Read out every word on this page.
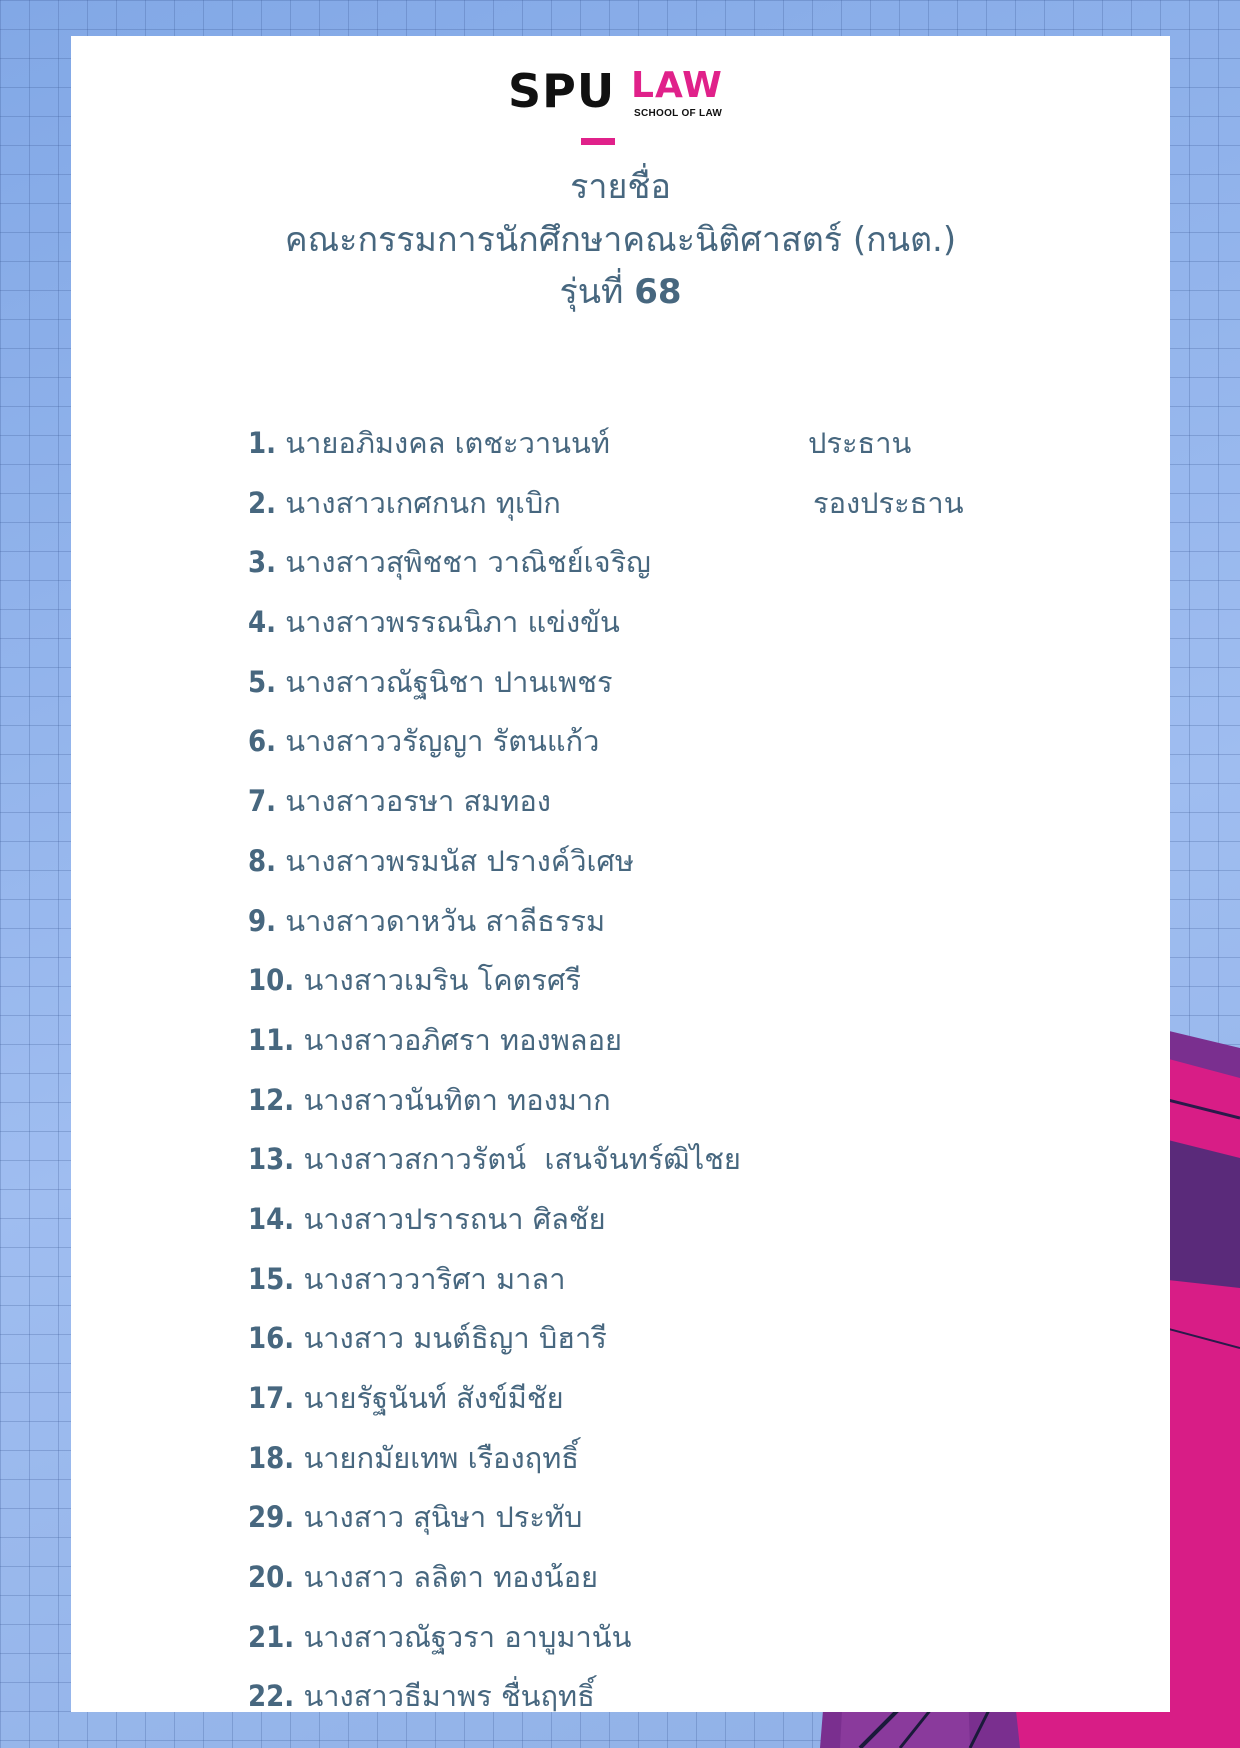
SPU LAW
SCHOOL OF LAW
รายชื่อ
คณะกรรมการนักศึกษาคณะนิติศาสตร์ (กนต.)
รุ่นที่ 68
1. นายอภิมงคล เตชะวานนท์	ประธาน
2. นางสาวเกศกนก ทุเบิก	รองประธาน
3. นางสาวสุพิชชา วาณิชย์เจริญ
4. นางสาวพรรณนิภา แข่งขัน
5. นางสาวณัฐนิชา ปานเพชร
6. นางสาววรัญญา รัตนแก้ว
7. นางสาวอรษา สมทอง
8. นางสาวพรมนัส ปรางค์วิเศษ
9. นางสาวดาหวัน สาลีธรรม
10. นางสาวเมริน โคตรศรี
11. นางสาวอภิศรา ทองพลอย
12. นางสาวนันทิตา ทองมาก
13. นางสาวสกาวรัตน์  เสนจันทร์ฒิไชย
14. นางสาวปรารถนา ศิลชัย
15. นางสาววาริศา มาลา
16. นางสาว มนต์ธิญา บิฮารี
17. นายรัฐนันท์ สังข์มีชัย
18. นายกมัยเทพ เรืองฤทธิ์
29. นางสาว สุนิษา ประทับ
20. นางสาว ลลิตา ทองน้อย
21. นางสาวณัฐวรา อาบูมานัน
22. นางสาวธีมาพร ชื่นฤทธิ์
